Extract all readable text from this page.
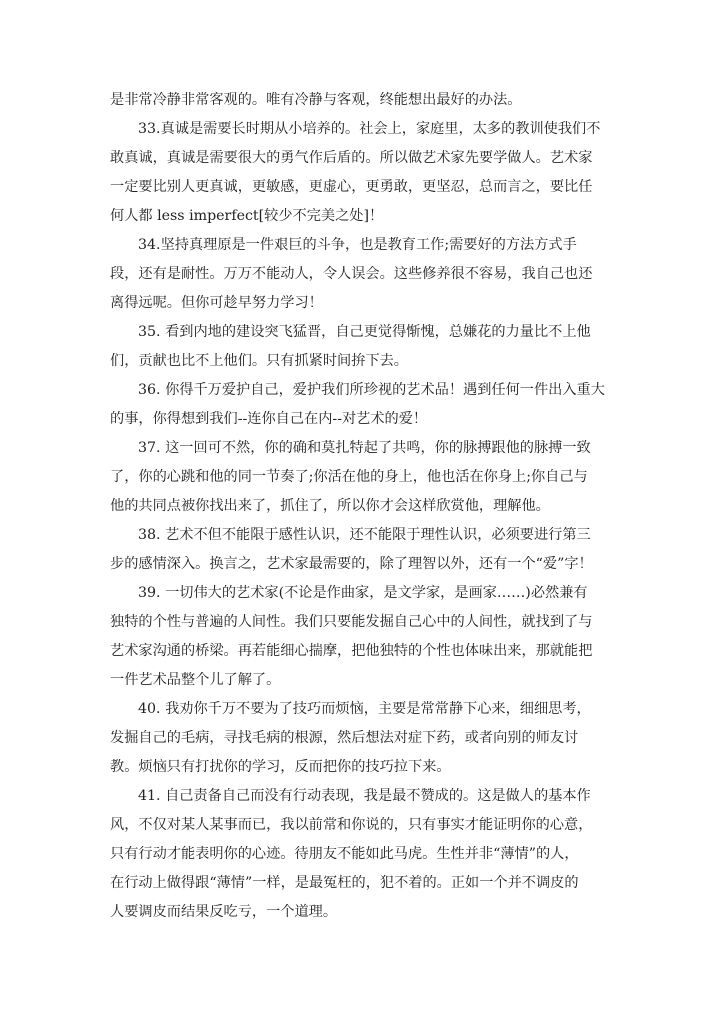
是非常冷静非常客观的。唯有冷静与客观，终能想出最好的办法。
33.真诚是需要长时期从小培养的。社会上，家庭里，太多的教训使我们不
敢真诚，真诚是需要很大的勇气作后盾的。所以做艺术家先要学做人。艺术家
一定要比别人更真诚，更敏感，更虚心，更勇敢，更坚忍，总而言之，要比任
何人都 less imperfect[较少不完美之处]！
34.坚持真理原是一件艰巨的斗争，也是教育工作;需要好的方法方式手
段，还有是耐性。万万不能动人，令人误会。这些修养很不容易，我自己也还
离得远呢。但你可趁早努力学习！
35. 看到内地的建设突飞猛晋，自己更觉得惭愧，总嫌花的力量比不上他
们，贡献也比不上他们。只有抓紧时间拚下去。
36. 你得千万爱护自己，爱护我们所珍视的艺术品！遇到任何一件出入重大
的事，你得想到我们--连你自己在内--对艺术的爱！
37. 这一回可不然，你的确和莫扎特起了共鸣，你的脉搏跟他的脉搏一致
了，你的心跳和他的同一节奏了;你活在他的身上，他也活在你身上;你自己与
他的共同点被你找出来了，抓住了，所以你才会这样欣赏他，理解他。
38. 艺术不但不能限于感性认识，还不能限于理性认识，必须要进行第三
步的感情深入。换言之，艺术家最需要的，除了理智以外，还有一个“爱”字！
39. 一切伟大的艺术家(不论是作曲家，是文学家，是画家……)必然兼有
独特的个性与普遍的人间性。我们只要能发掘自己心中的人间性，就找到了与
艺术家沟通的桥梁。再若能细心揣摩，把他独特的个性也体味出来，那就能把
一件艺术品整个儿了解了。
40. 我劝你千万不要为了技巧而烦恼，主要是常常静下心来，细细思考，
发掘自己的毛病，寻找毛病的根源，然后想法对症下药，或者向别的师友讨
教。烦恼只有打扰你的学习，反而把你的技巧拉下来。
41. 自己责备自己而没有行动表现，我是最不赞成的。这是做人的基本作
风，不仅对某人某事而已，我以前常和你说的，只有事实才能证明你的心意，
只有行动才能表明你的心迹。待朋友不能如此马虎。生性并非“薄情”的人，
在行动上做得跟“薄情”一样，是最冤枉的，犯不着的。正如一个并不调皮的
人要调皮而结果反吃亏，一个道理。
